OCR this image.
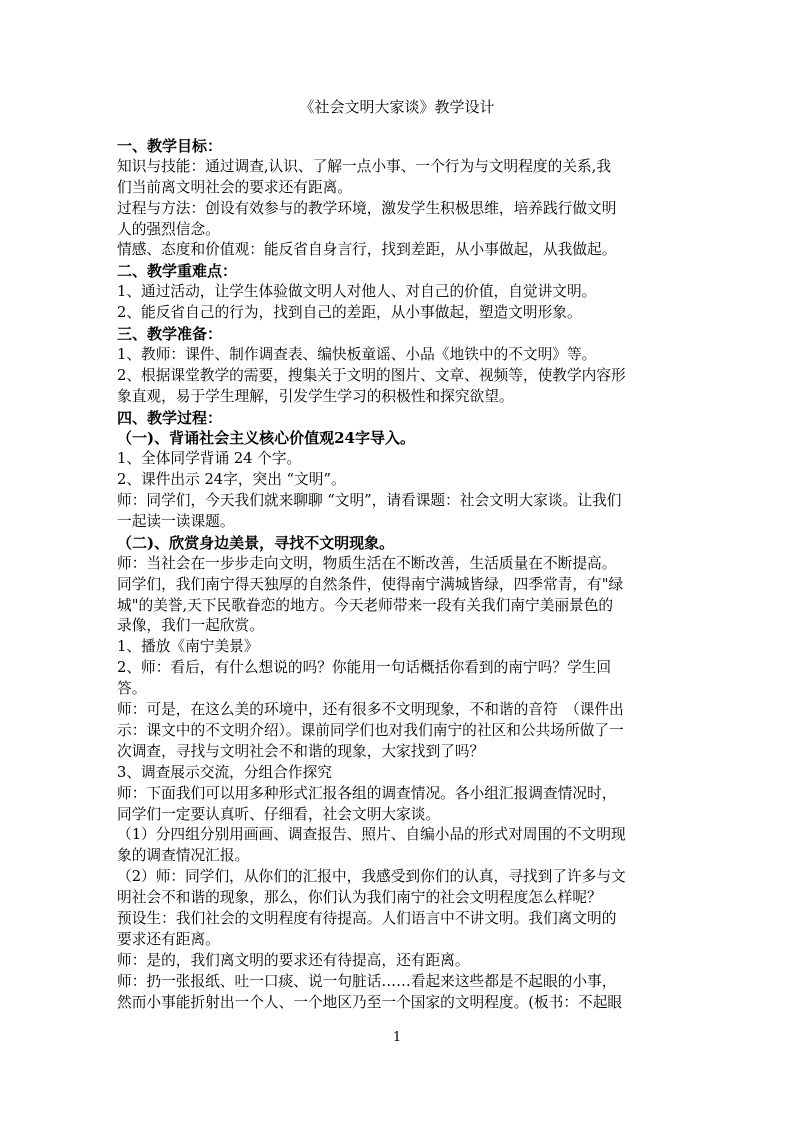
《社会文明大家谈》教学设计
一、教学目标：
知识与技能：通过调查,认识、了解一点小事、一个行为与文明程度的关系,我
们当前离文明社会的要求还有距离。
过程与方法：创设有效参与的教学环境，激发学生积极思维，培养践行做文明
人的强烈信念。
情感、态度和价值观：能反省自身言行，找到差距，从小事做起，从我做起。
二、教学重难点：
1、通过活动，让学生体验做文明人对他人、对自己的价值，自觉讲文明。
2、能反省自己的行为，找到自己的差距，从小事做起，塑造文明形象。
三、教学准备：
1、教师：课件、制作调查表、编快板童谣、小品《地铁中的不文明》等。
2、根据课堂教学的需要，搜集关于文明的图片、文章、视频等，使教学内容形
象直观，易于学生理解，引发学生学习的积极性和探究欲望。
四、教学过程：
（一)、背诵社会主义核心价值观24字导入。
1、全体同学背诵 24 个字。
2、课件出示 24字，突出 “文明”。
师：同学们，今天我们就来聊聊 “文明”，请看课题：社会文明大家谈。让我们
一起读一读课题。
（二)、欣赏身边美景，寻找不文明现象。
师：当社会在一步步走向文明，物质生活在不断改善，生活质量在不断提高。
同学们，我们南宁得天独厚的自然条件，使得南宁满城皆绿，四季常青，有"绿
城"的美誉,天下民歌眷恋的地方。今天老师带来一段有关我们南宁美丽景色的
录像，我们一起欣赏。
1、播放《南宁美景》
2、师：看后，有什么想说的吗？你能用一句话概括你看到的南宁吗？学生回
答。
师：可是，在这么美的环境中，还有很多不文明现象，不和谐的音符　（课件出
示：课文中的不文明介绍）。课前同学们也对我们南宁的社区和公共场所做了一
次调查，寻找与文明社会不和谐的现象，大家找到了吗？
3、调查展示交流，分组合作探究
师：下面我们可以用多种形式汇报各组的调查情况。各小组汇报调查情况时，
同学们一定要认真听、仔细看，社会文明大家谈。
（1）分四组分别用画画、调查报告、照片、自编小品的形式对周围的不文明现
象的调查情况汇报。
（2）师：同学们，从你们的汇报中，我感受到你们的认真，寻找到了许多与文
明社会不和谐的现象，那么，你们认为我们南宁的社会文明程度怎么样呢？
预设生：我们社会的文明程度有待提高。人们语言中不讲文明。我们离文明的
要求还有距离。
师：是的，我们离文明的要求还有待提高，还有距离。
师：扔一张报纸、吐一口痰、说一句脏话……看起来这些都是不起眼的小事，
然而小事能折射出一个人、一个地区乃至一个国家的文明程度。(板书：不起眼
1
